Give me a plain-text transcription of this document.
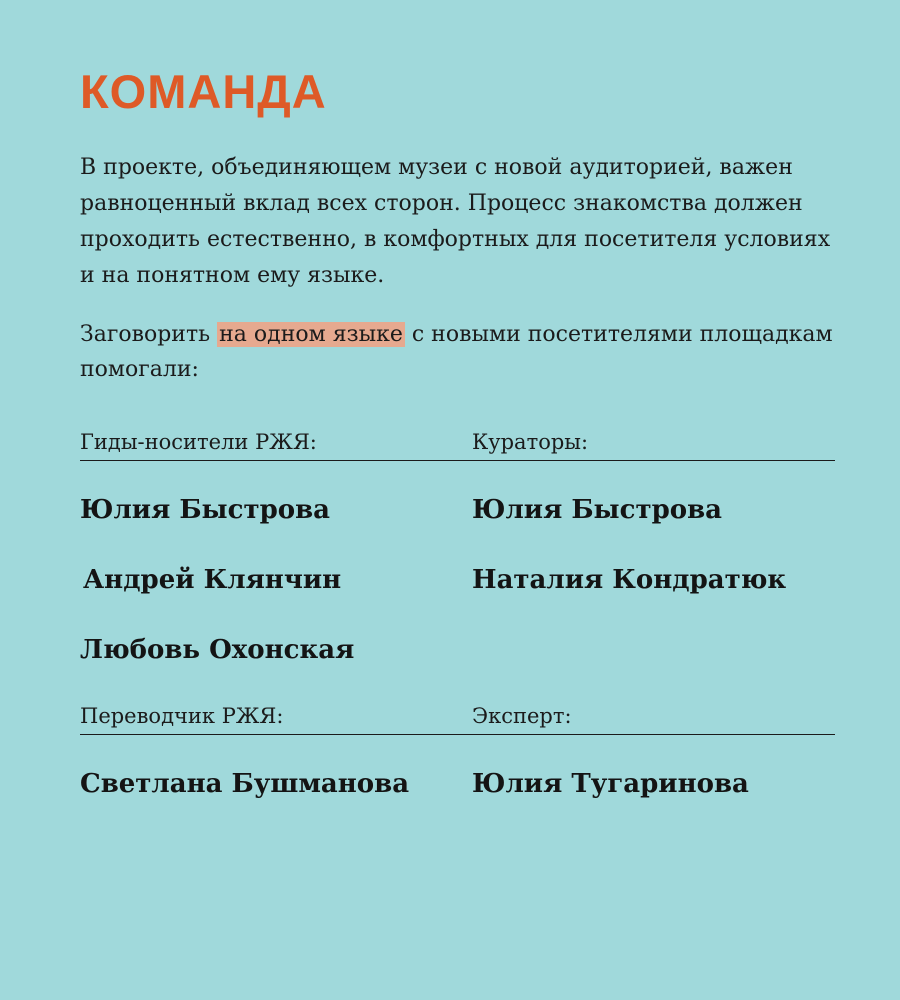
КОМАНДА

В проекте, объединяющем музеи с новой аудиторией, важен равноценный вклад всех сторон. Процесс знакомства должен проходить естественно, в комфортных для посетителя условиях и на понятном ему языке.

Заговорить на одном языке с новыми посетителями площадкам помогали:

Гиды-носители РЖЯ:	Кураторы:
Юлия Быстрова
Андрей Клянчин
Любовь Охонская
Юлия Быстрова
Наталия Кондратюк
Переводчик РЖЯ:	Эксперт:
Светлана Бушманова Юлия Тугаринова
